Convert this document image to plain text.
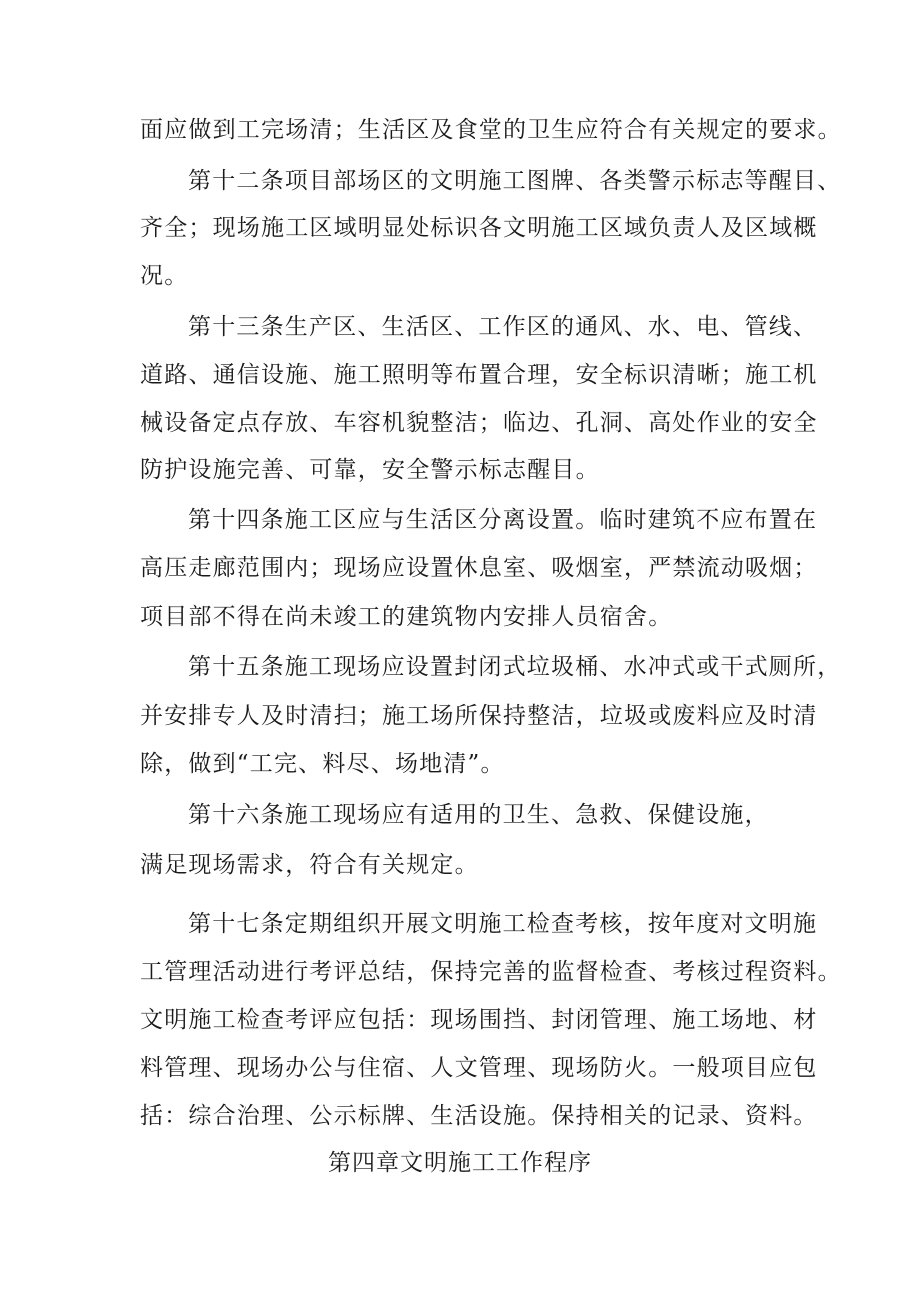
面应做到工完场清；生活区及食堂的卫生应符合有关规定的要求。
第十二条项目部场区的文明施工图牌、各类警示标志等醒目、
齐全；现场施工区域明显处标识各文明施工区域负责人及区域概
况。
第十三条生产区、生活区、工作区的通风、水、电、管线、
道路、通信设施、施工照明等布置合理，安全标识清晰；施工机
械设备定点存放、车容机貌整洁；临边、孔洞、高处作业的安全
防护设施完善、可靠，安全警示标志醒目。
第十四条施工区应与生活区分离设置。临时建筑不应布置在
高压走廊范围内；现场应设置休息室、吸烟室，严禁流动吸烟；
项目部不得在尚未竣工的建筑物内安排人员宿舍。
第十五条施工现场应设置封闭式垃圾桶、水冲式或干式厕所，
并安排专人及时清扫；施工场所保持整洁，垃圾或废料应及时清
除，做到“工完、料尽、场地清”。
第十六条施工现场应有适用的卫生、急救、保健设施，
满足现场需求，符合有关规定。
第十七条定期组织开展文明施工检查考核，按年度对文明施
工管理活动进行考评总结，保持完善的监督检查、考核过程资料。
文明施工检查考评应包括：现场围挡、封闭管理、施工场地、材
料管理、现场办公与住宿、人文管理、现场防火。一般项目应包
括：综合治理、公示标牌、生活设施。保持相关的记录、资料。
第四章文明施工工作程序
